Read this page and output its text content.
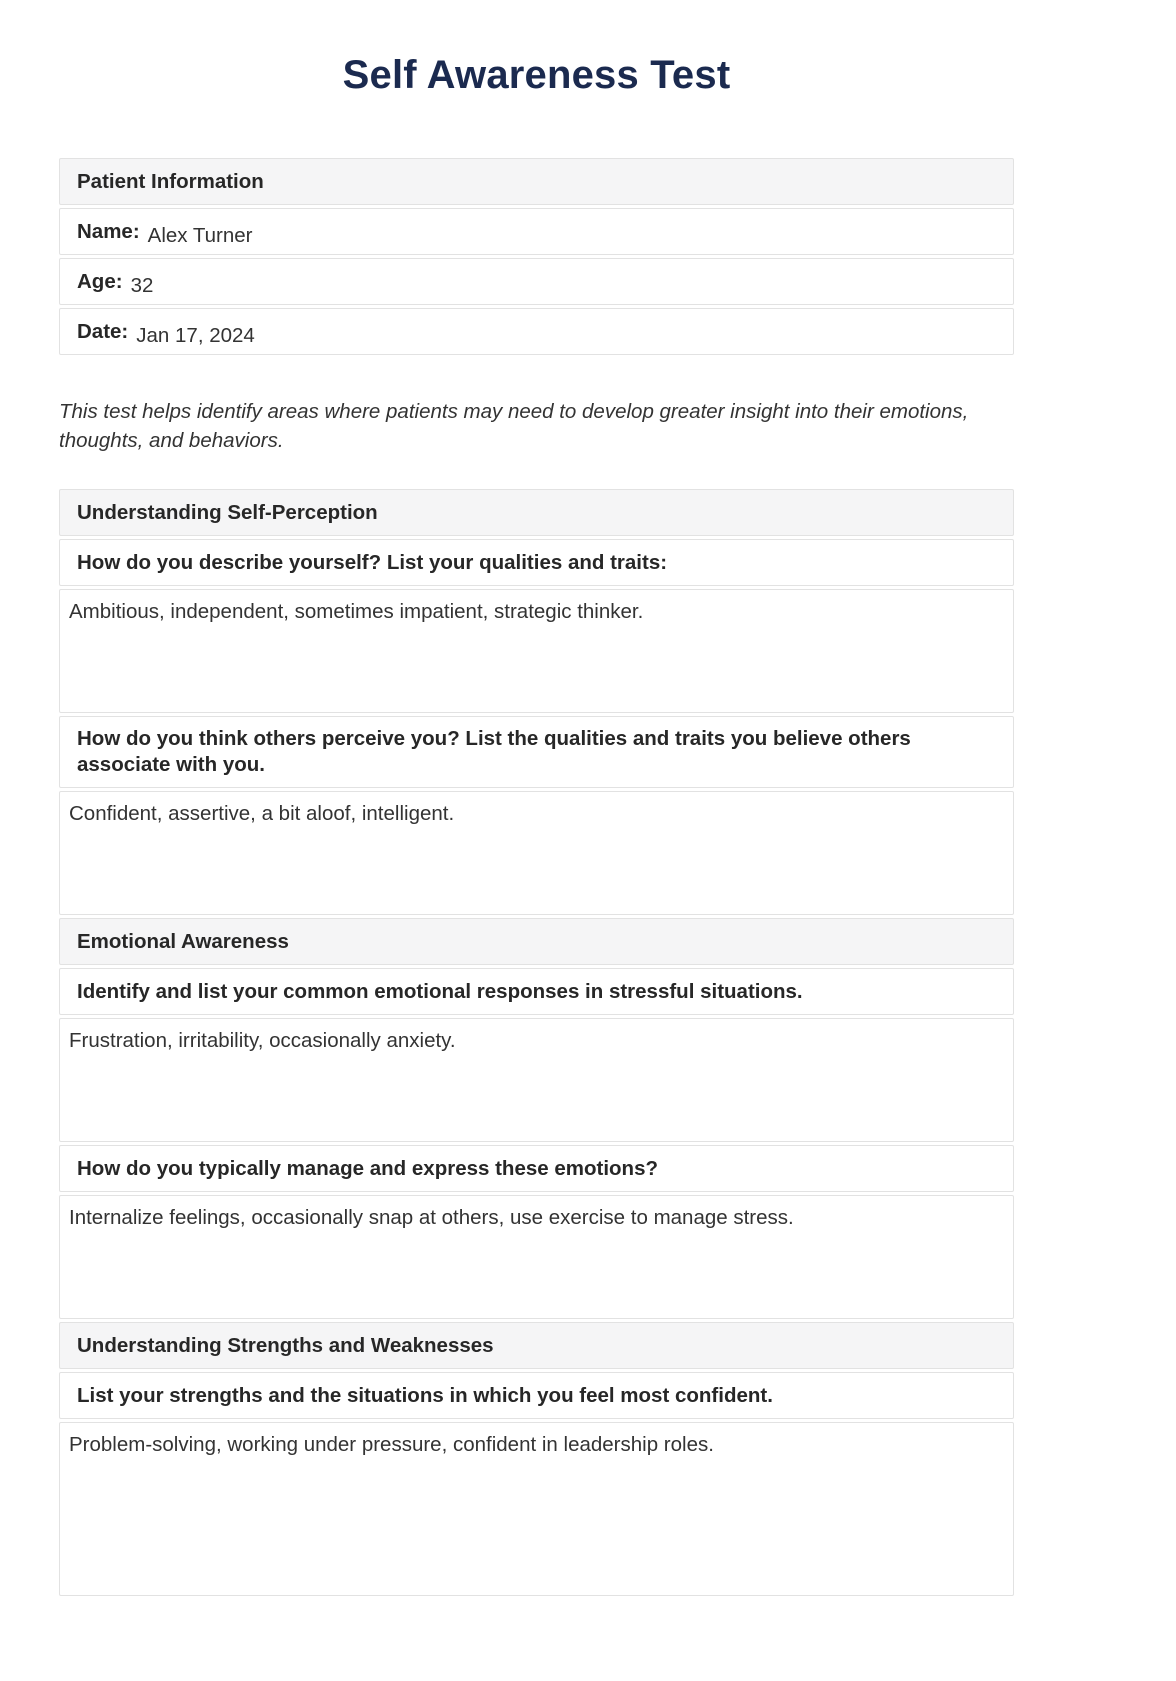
Self Awareness Test
Patient Information
Name: Alex Turner
Age: 32
Date: Jan 17, 2024

This test helps identify areas where patients may need to develop greater insight into their emotions, thoughts, and behaviors.

Understanding Self-Perception
How do you describe yourself? List your qualities and traits:
Ambitious, independent, sometimes impatient, strategic thinker.
How do you think others perceive you? List the qualities and traits you believe others associate with you.
Confident, assertive, a bit aloof, intelligent.
Emotional Awareness
Identify and list your common emotional responses in stressful situations.
Frustration, irritability, occasionally anxiety.
How do you typically manage and express these emotions?
Internalize feelings, occasionally snap at others, use exercise to manage stress.
Understanding Strengths and Weaknesses
List your strengths and the situations in which you feel most confident.
Problem-solving, working under pressure, confident in leadership roles.
